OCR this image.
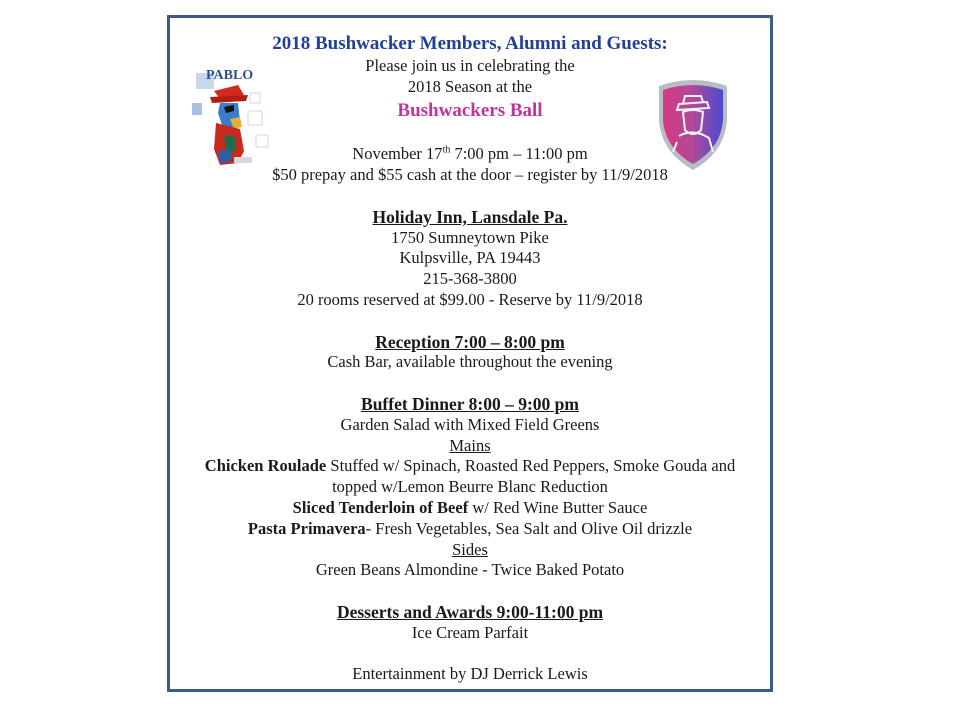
PABLO
2018 Bushwacker Members, Alumni and Guests:
Please join us in celebrating the
2018 Season at the
Bushwackers Ball
November 17th 7:00 pm – 11:00 pm
$50 prepay and $55 cash at the door – register by 11/9/2018
Holiday Inn, Lansdale Pa.
1750 Sumneytown Pike
Kulpsville, PA 19443
215-368-3800
20 rooms reserved at $99.00 - Reserve by 11/9/2018
Reception 7:00 – 8:00 pm
Cash Bar, available throughout the evening
Buffet Dinner 8:00 – 9:00 pm
Garden Salad with Mixed Field Greens
Mains
Chicken Roulade Stuffed w/ Spinach, Roasted Red Peppers, Smoke Gouda and
topped w/Lemon Beurre Blanc Reduction
Sliced Tenderloin of Beef w/ Red Wine Butter Sauce
Pasta Primavera- Fresh Vegetables, Sea Salt and Olive Oil drizzle
Sides
Green Beans Almondine - Twice Baked Potato
Desserts and Awards 9:00-11:00 pm
Ice Cream Parfait
Entertainment by DJ Derrick Lewis
